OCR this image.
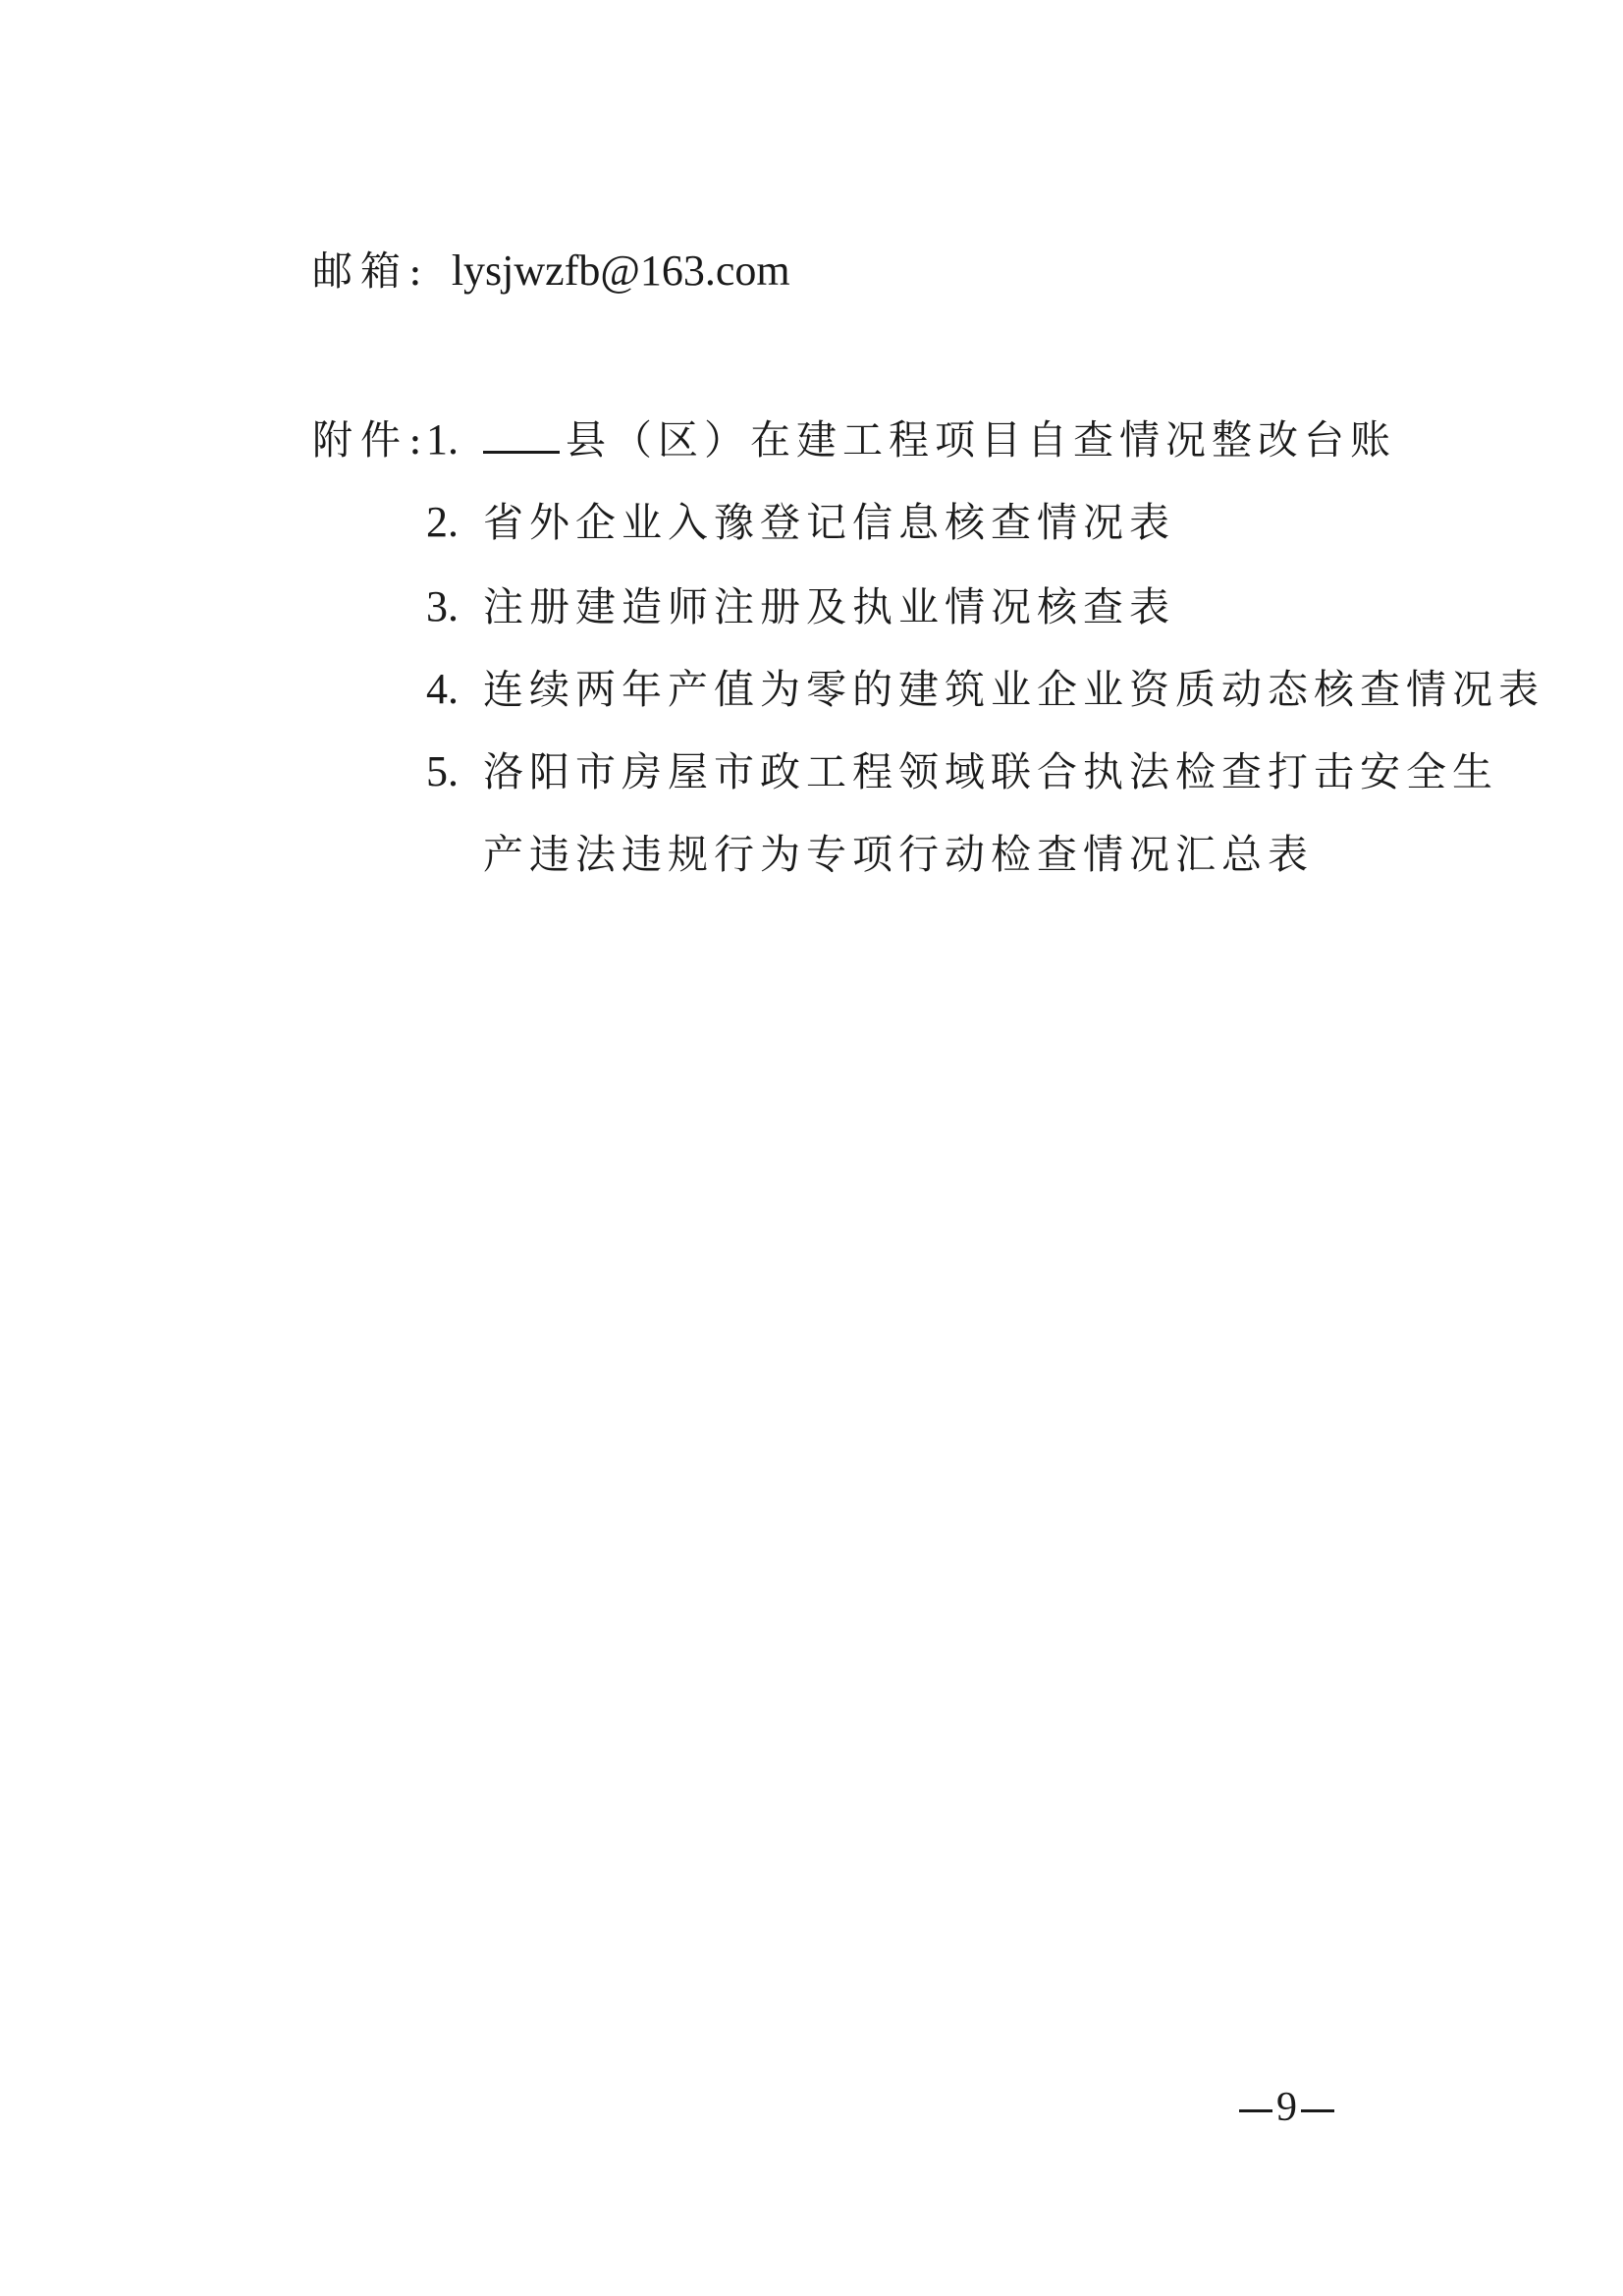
邮箱: lysjwzfb@163.com
附件:
1.	县（区）在建工程项目自查情况整改台账
2. 省外企业入豫登记信息核查情况表
3. 注册建造师注册及执业情况核查表
4. 连续两年产值为零的建筑业企业资质动态核查情况表
5. 洛阳市房屋市政工程领域联合执法检查打击安全生
产违法违规行为专项行动检查情况汇总表
9
